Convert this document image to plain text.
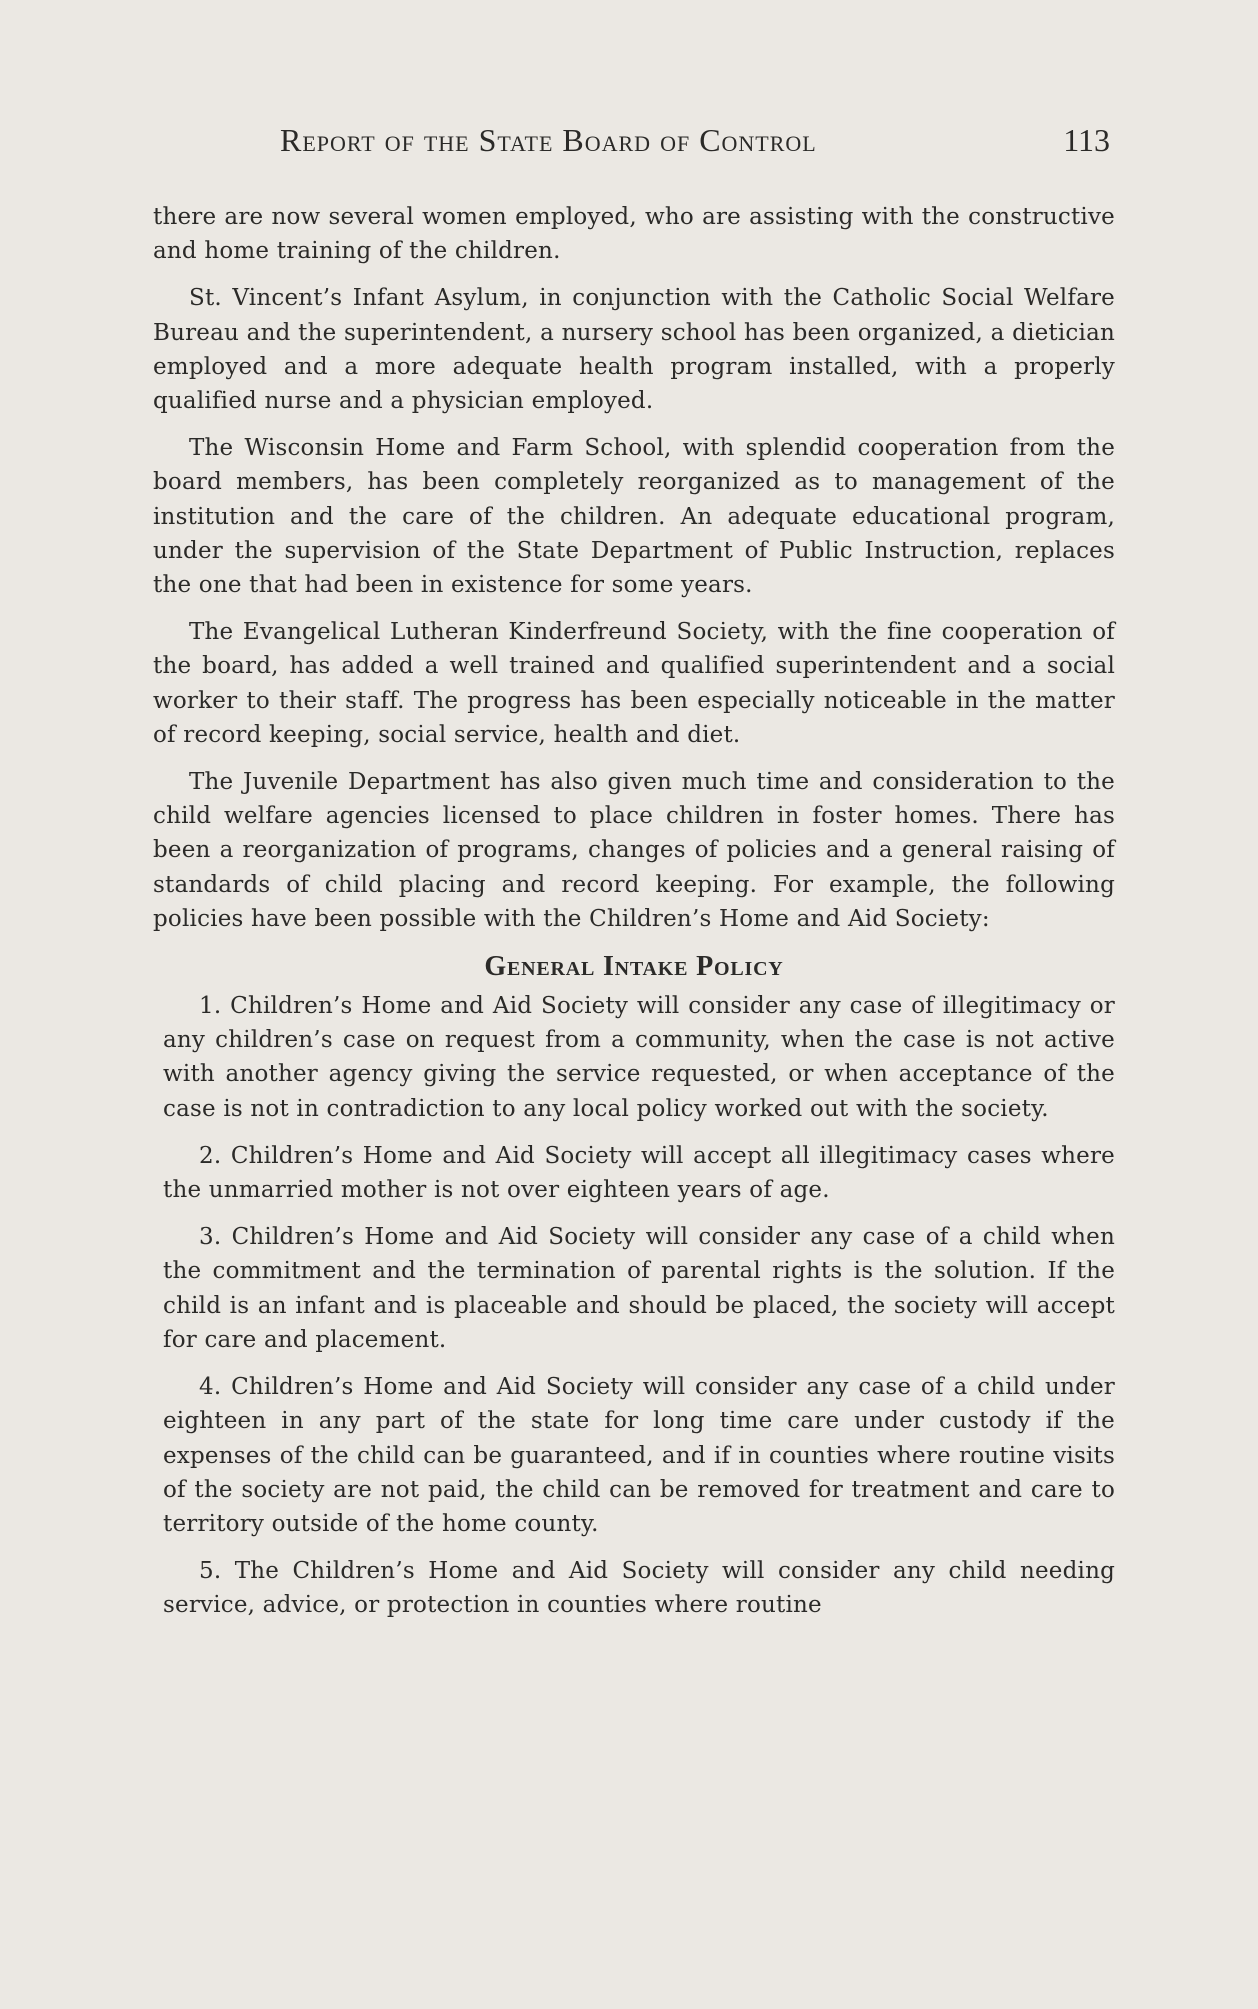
Report of the State Board of Control	113

there are now several women employed, who are assisting with the constructive and home training of the children.

St. Vincent’s Infant Asylum, in conjunction with the Catholic Social Welfare Bureau and the superintendent, a nursery school has been organized, a dietician employed and a more adequate health program installed, with a properly qualified nurse and a physician employed.

The Wisconsin Home and Farm School, with splendid cooperation from the board members, has been completely reorganized as to management of the institution and the care of the children. An adequate educational program, under the supervision of the State Department of Public Instruction, replaces the one that had been in existence for some years.

The Evangelical Lutheran Kinderfreund Society, with the fine cooperation of the board, has added a well trained and qualified superintendent and a social worker to their staff. The progress has been especially noticeable in the matter of record keeping, social service, health and diet.

The Juvenile Department has also given much time and consideration to the child welfare agencies licensed to place children in foster homes. There has been a reorganization of programs, changes of policies and a general raising of standards of child placing and record keeping. For example, the following policies have been possible with the Children’s Home and Aid Society:

General Intake Policy

1. Children’s Home and Aid Society will consider any case of illegitimacy or any children’s case on request from a community, when the case is not active with another agency giving the service requested, or when acceptance of the case is not in contradiction to any local policy worked out with the society.

2. Children’s Home and Aid Society will accept all illegitimacy cases where the unmarried mother is not over eighteen years of age.

3. Children’s Home and Aid Society will consider any case of a child when the commitment and the termination of parental rights is the solution. If the child is an infant and is placeable and should be placed, the society will accept for care and placement.

4. Children’s Home and Aid Society will consider any case of a child under eighteen in any part of the state for long time care under custody if the expenses of the child can be guaranteed, and if in counties where routine visits of the society are not paid, the child can be removed for treatment and care to territory outside of the home county.

5. The Children’s Home and Aid Society will consider any child needing service, advice, or protection in counties where routine
